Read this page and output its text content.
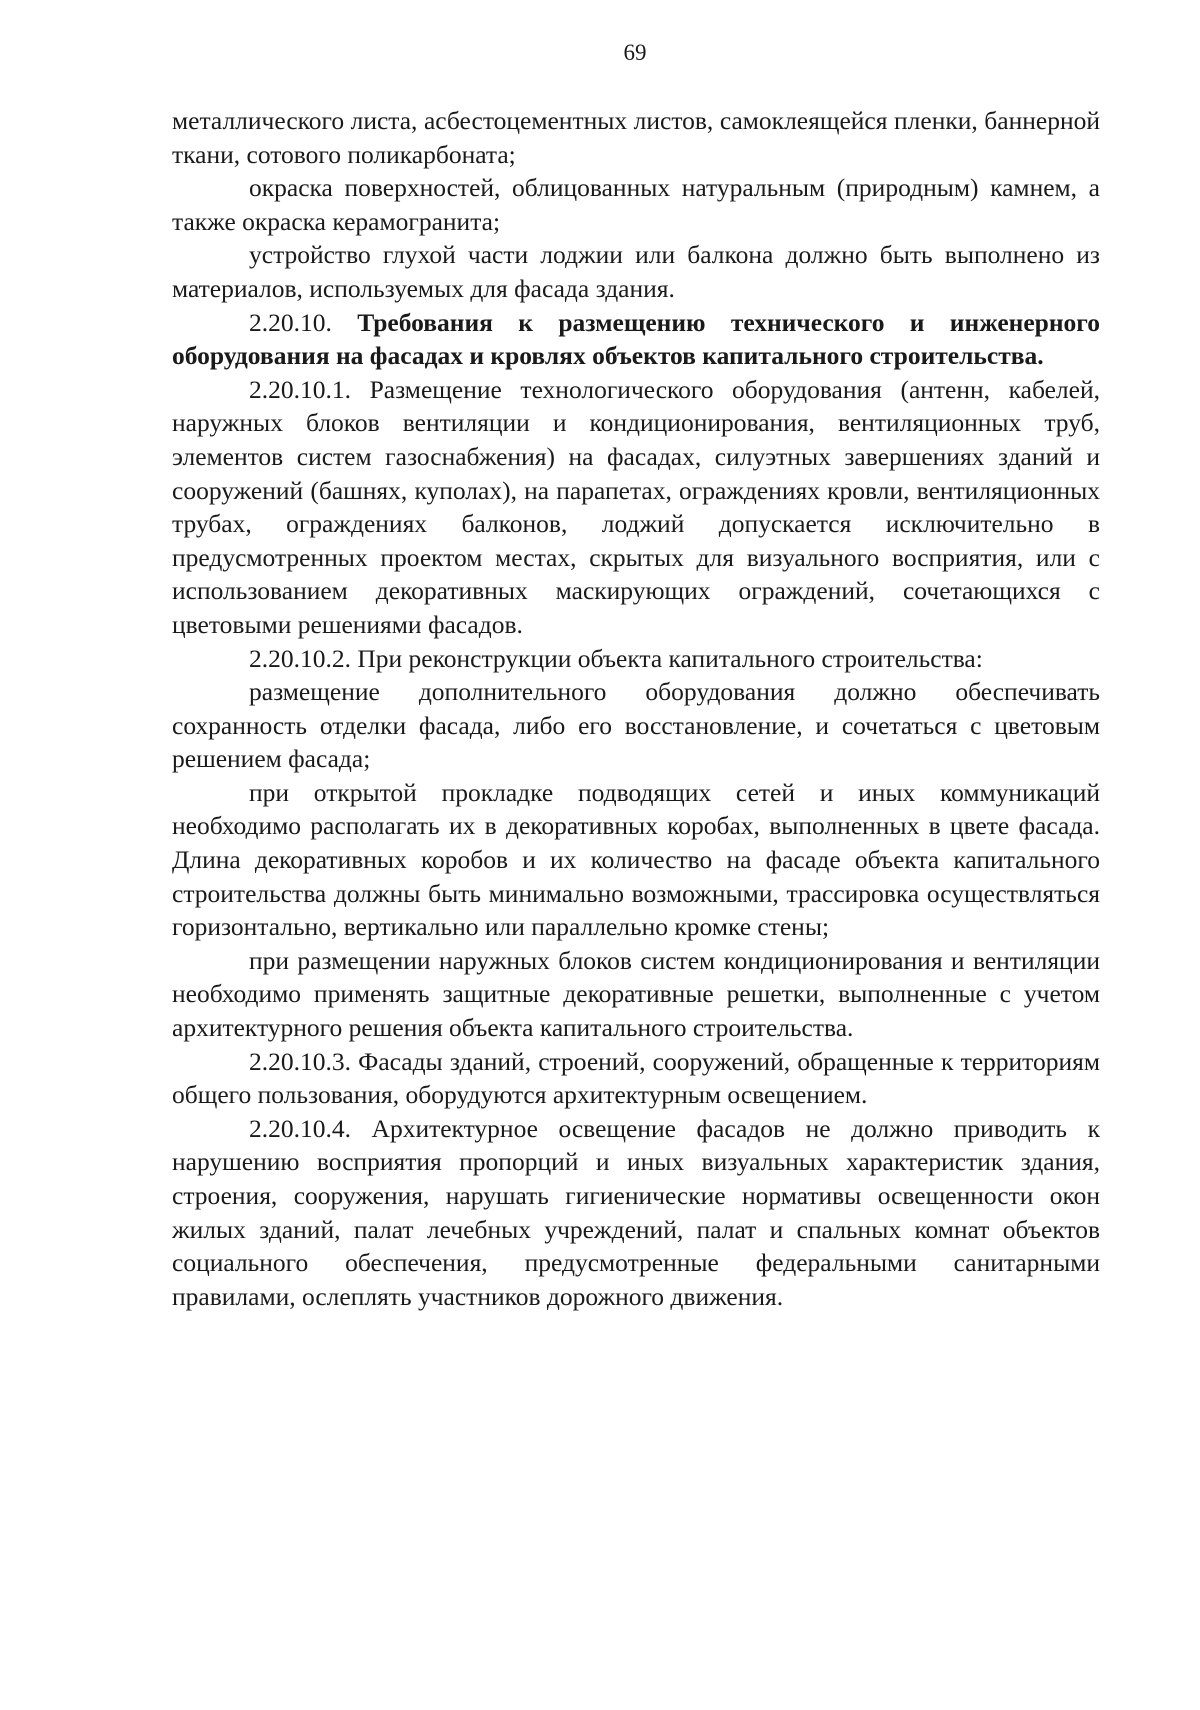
69

металлического листа, асбестоцементных листов, самоклеящейся пленки, баннерной ткани, сотового поликарбоната;

окраска поверхностей, облицованных натуральным (природным) камнем, а также окраска керамогранита;

устройство глухой части лоджии или балкона должно быть выполнено из материалов, используемых для фасада здания.

2.20.10. Требования к размещению технического и инженерного оборудования на фасадах и кровлях объектов капитального строительства.

2.20.10.1. Размещение технологического оборудования (антенн, кабелей, наружных блоков вентиляции и кондиционирования, вентиляционных труб, элементов систем газоснабжения) на фасадах, силуэтных завершениях зданий и сооружений (башнях, куполах), на парапетах, ограждениях кровли, вентиляционных трубах, ограждениях балконов, лоджий допускается исключительно в предусмотренных проектом местах, скрытых для визуального восприятия, или с использованием декоративных маскирующих ограждений, сочетающихся с цветовыми решениями фасадов.

2.20.10.2. При реконструкции объекта капитального строительства:

размещение дополнительного оборудования должно обеспечивать сохранность отделки фасада, либо его восстановление, и сочетаться с цветовым решением фасада;

при открытой прокладке подводящих сетей и иных коммуникаций необходимо располагать их в декоративных коробах, выполненных в цвете фасада. Длина декоративных коробов и их количество на фасаде объекта капитального строительства должны быть минимально возможными, трассировка осуществляться горизонтально, вертикально или параллельно кромке стены;

при размещении наружных блоков систем кондиционирования и вентиляции необходимо применять защитные декоративные решетки, выполненные с учетом архитектурного решения объекта капитального строительства.

2.20.10.3. Фасады зданий, строений, сооружений, обращенные к территориям общего пользования, оборудуются архитектурным освещением.

2.20.10.4. Архитектурное освещение фасадов не должно приводить к нарушению восприятия пропорций и иных визуальных характеристик здания, строения, сооружения, нарушать гигиенические нормативы освещенности окон жилых зданий, палат лечебных учреждений, палат и спальных комнат объектов социального обеспечения, предусмотренные федеральными санитарными правилами, ослеплять участников дорожного движения.
